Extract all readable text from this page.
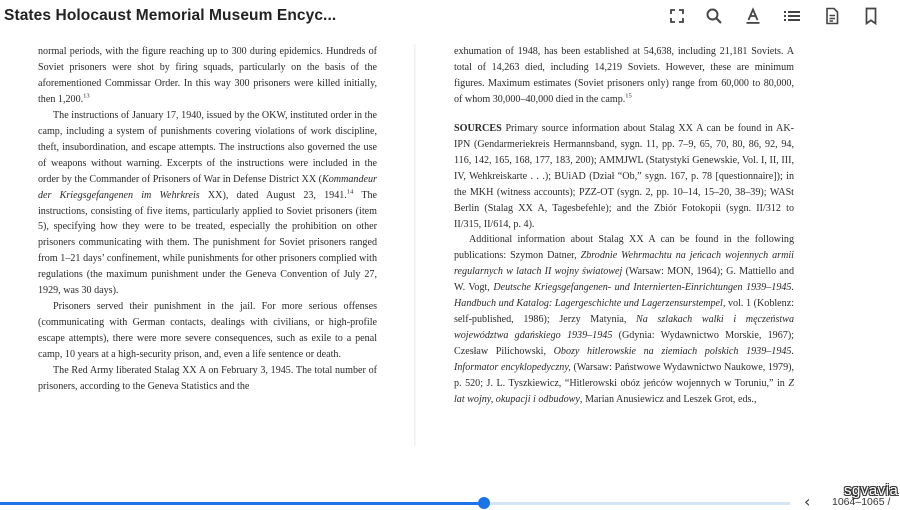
States Holocaust Memorial Museum Encyc...

normal periods, with the figure reaching up to 300 during epidemics. Hundreds of Soviet prisoners were shot by firing squads, particularly on the basis of the aforementioned Commissar Order. In this way 300 prisoners were killed initially, then 1,200.13

The instructions of January 17, 1940, issued by the OKW, instituted order in the camp, including a system of punishments covering violations of work discipline, theft, insubordination, and escape attempts. The instructions also governed the use of weapons without warning. Excerpts of the instructions were included in the order by the Commander of Prisoners of War in Defense District XX (Kommandeur der Kriegsgefangenen im Wehrkreis XX), dated August 23, 1941.14 The instructions, consisting of five items, particularly applied to Soviet prisoners (item 5), specifying how they were to be treated, especially the prohibition on other prisoners communicating with them. The punishment for Soviet prisoners ranged from 1–21 days’ confinement, while punishments for other prisoners complied with regulations (the maximum punishment under the Geneva Convention of July 27, 1929, was 30 days).

Prisoners served their punishment in the jail. For more serious offenses (communicating with German contacts, dealings with civilians, or high-profile escape attempts), there were more severe consequences, such as exile to a penal camp, 10 years at a high-security prison, and, even a life sentence or death.

The Red Army liberated Stalag XX A on February 3, 1945. The total number of prisoners, according to the Geneva Statistics and the

exhumation of 1948, has been established at 54,638, including 21,181 Soviets. A total of 14,263 died, including 14,219 Soviets. However, these are minimum figures. Maximum estimates (Soviet prisoners only) range from 60,000 to 80,000, of whom 30,000–40,000 died in the camp.$^{15}$

SOURCES Primary source information about Stalag XX A can be found in AK-IPN (Gendarmeriekreis Hermannsband, sygn. 11, pp. 7–9, 65, 70, 80, 86, 92, 94, 116, 142, 165, 168, 177, 183, 200); AMMJWL (Statystyki Genewskie, Vol. I, II, III, IV, Wehkreiskarte . . .); BUiAD (Dział “Ob,” sygn. 167, p. 78 [questionnaire]); in the MKH (witness accounts); PZZ-OT (sygn. 2, pp. 10–14, 15–20, 38–39); WASt Berlin (Stalag XX A, Tagesbefehle); and the Zbiór Fotokopii (sygn. II/312 to II/315, II/614, p. 4).

Additional information about Stalag XX A can be found in the following publications: Szymon Datner, Zbrodnie Wehrmachtu na jeńcach wojennych armii regularnych w latach II wojny światowej (Warsaw: MON, 1964); G. Mattiello and W. Vogt, Deutsche Kriegsgefangenen- und Internierten-Einrichtungen 1939–1945. Handbuch und Katalog: Lagergeschichte und Lagerzensurstempel, vol. 1 (Koblenz: self-published, 1986); Jerzy Matynia, Na szlakach walki i męczeństwa województwa gdańskiego 1939–1945 (Gdynia: Wydawnictwo Morskie, 1967); Czesław Pilichowski, Obozy hitlerowskie na ziemiach polskich 1939–1945. Informator encyklopedyczny, (Warsaw: Państwowe Wydawnictwo Naukowe, 1979), p. 520; J. L. Tyszkiewicz, “Hitlerowski obóz jeńców wojennych w Toruniu,” in Z lat wojny, okupacji i odbudowy, Marian Anusiewicz and Leszek Grot, eds.,

‹	1064–1065 /
sgvavia
